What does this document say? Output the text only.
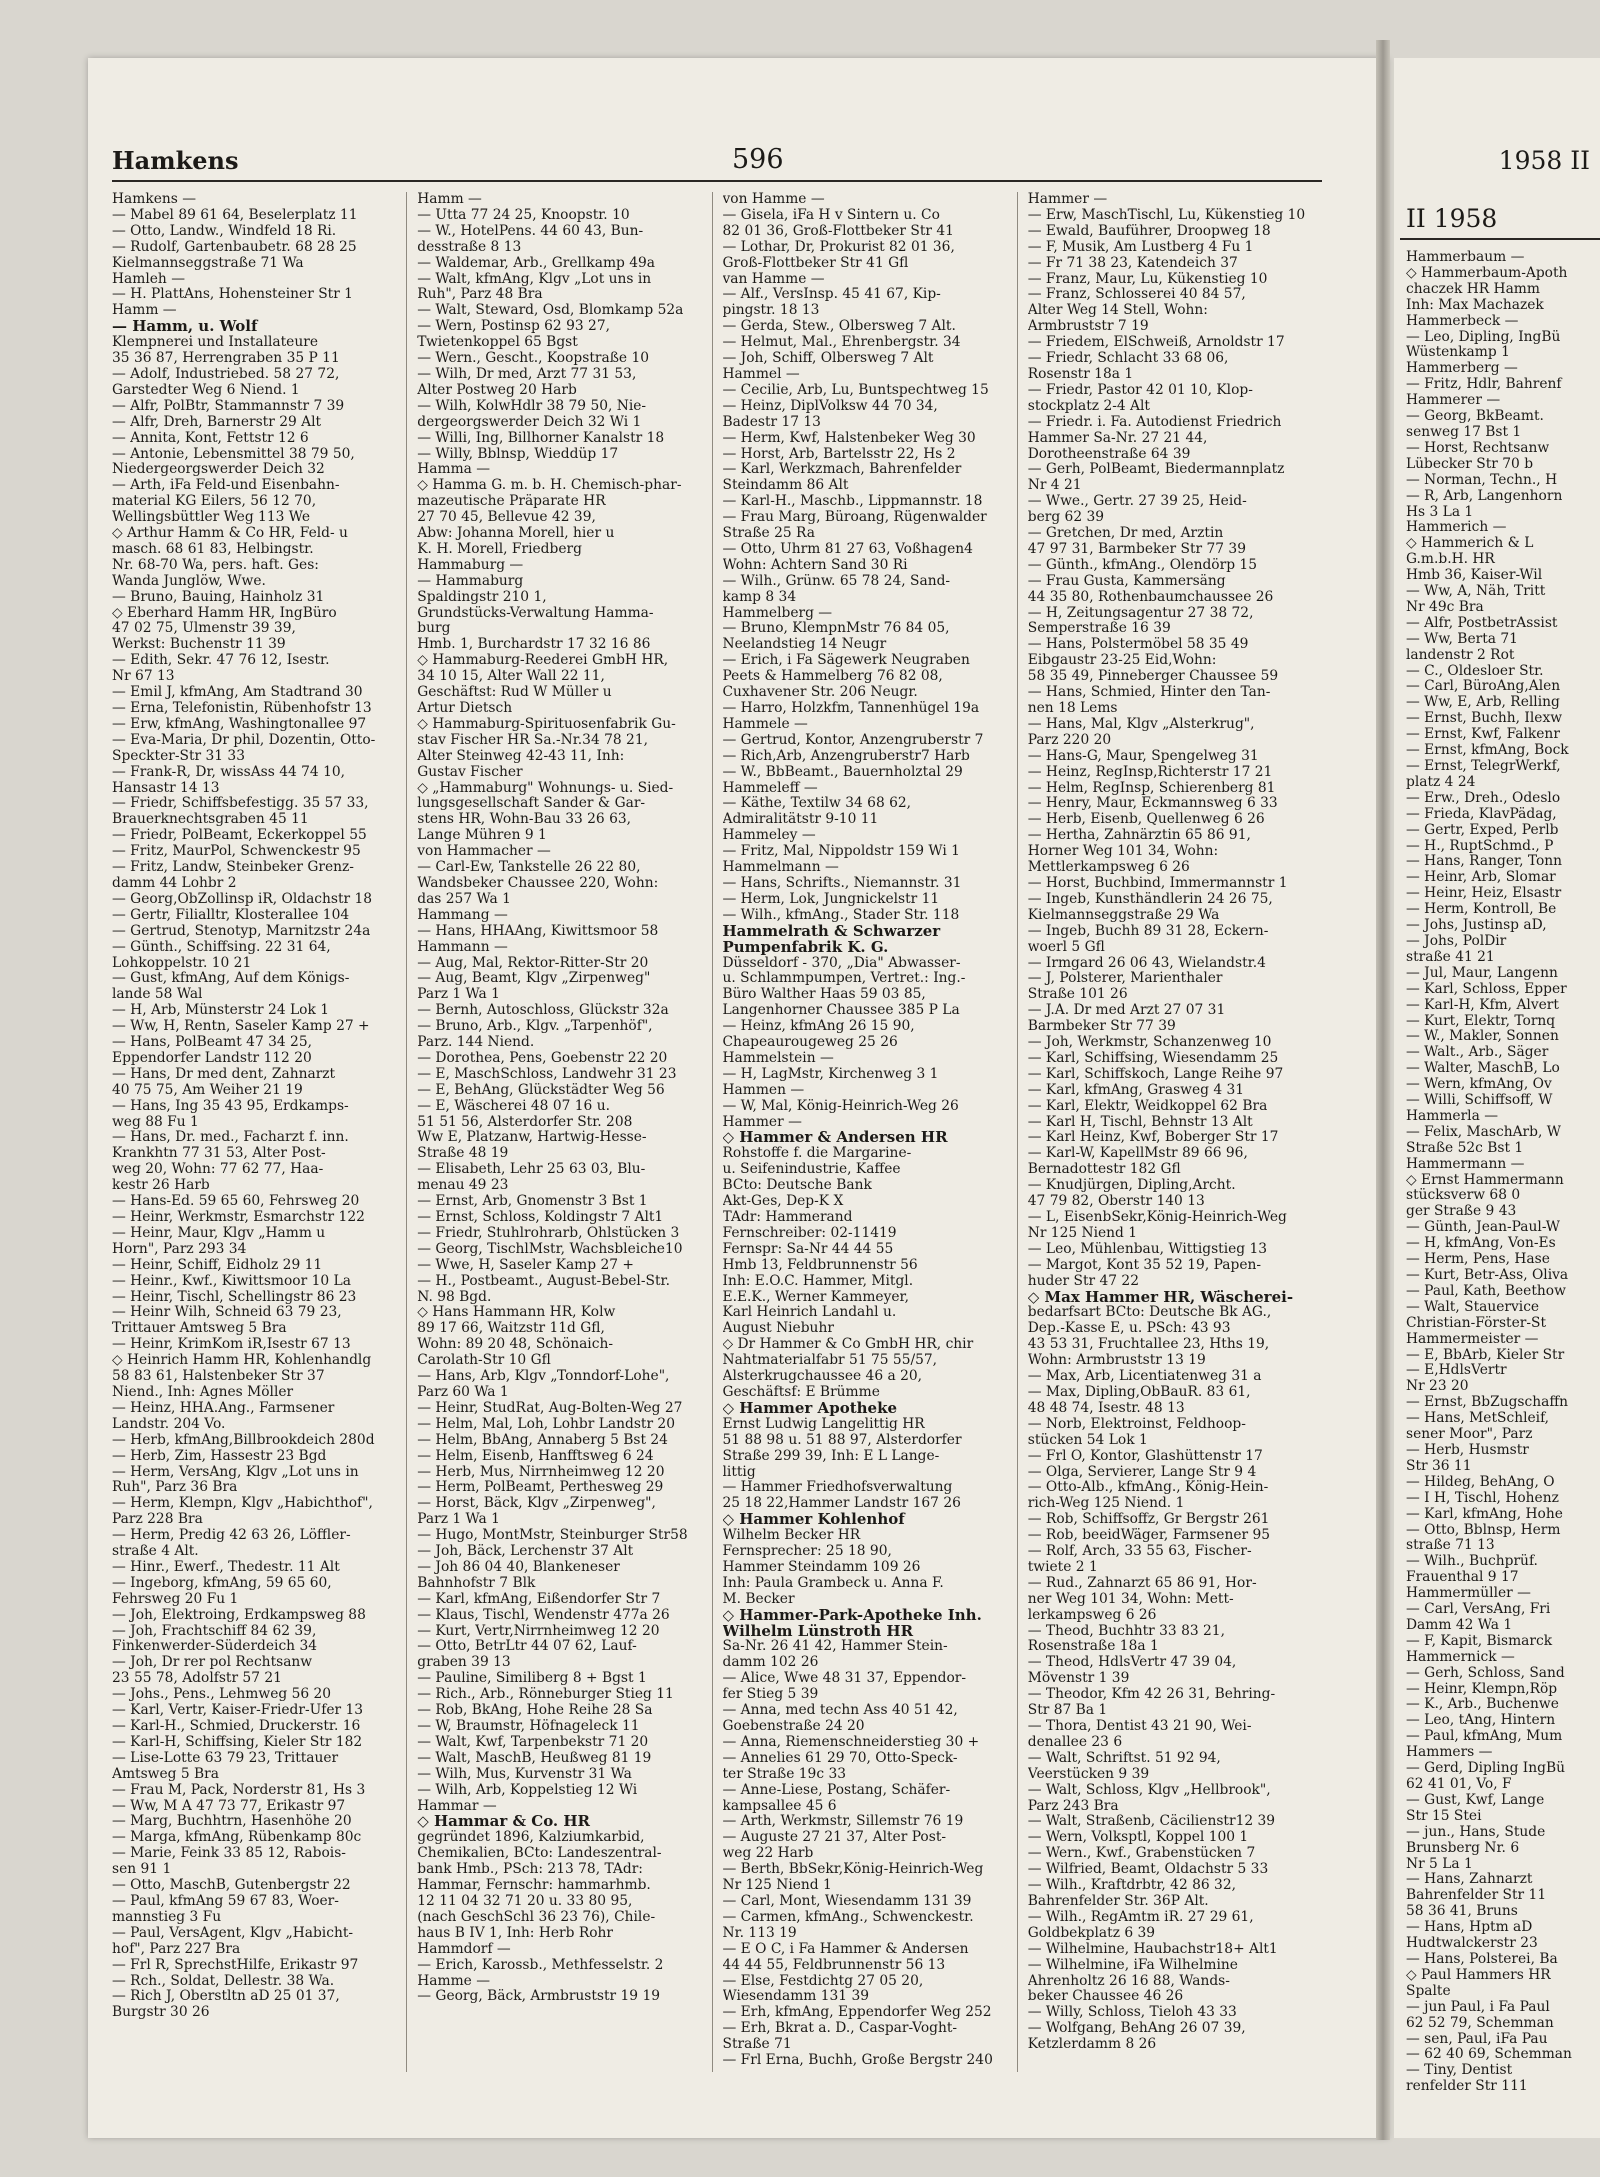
II 1958
Hammerbaum —
◇ Hammerbaum-Apoth
chaczek HR Hamm
Inh: Max Machazek
Hammerbeck —
— Leo, Dipling, IngBü
Wüstenkamp 1
Hammerberg —
— Fritz, Hdlr, Bahrenf
Hammerer —
— Georg, BkBeamt.
senweg 17 Bst 1
— Horst, Rechtsanw
Lübecker Str 70 b
— Norman, Techn., H
— R, Arb, Langenhorn
Hs 3 La 1
Hammerich —
◇ Hammerich & L
G.m.b.H. HR
Hmb 36, Kaiser-Wil
— Ww, A, Näh, Tritt
Nr 49c Bra
— Alfr, PostbetrAssist
— Ww, Berta 71
landenstr 2 Rot
— C., Oldesloer Str.
— Carl, BüroAng,Alen
— Ww, E, Arb, Relling
— Ernst, Buchh, Ilexw
— Ernst, Kwf, Falkenr
— Ernst, kfmAng, Bock
— Ernst, TelegrWerkf,
platz 4 24
— Erw., Dreh., Odeslo
— Frieda, KlavPädag,
— Gertr, Exped, Perlb
— H., RuptSchmd., P
— Hans, Ranger, Tonn
— Heinr, Arb, Slomar
— Heinr, Heiz, Elsastr
— Herm, Kontroll, Be
— Johs, Justinsp aD,
— Johs, PolDir
straße 41 21
— Jul, Maur, Langenn
— Karl, Schloss, Epper
— Karl-H, Kfm, Alvert
— Kurt, Elektr, Tornq
— W., Makler, Sonnen
— Walt., Arb., Säger
— Walter, MaschB, Lo
— Wern, kfmAng, Ov
— Willi, Schiffsoff, W
Hammerla —
— Felix, MaschArb, W
Straße 52c Bst 1
Hammermann —
◇ Ernst Hammermann
stücksverw 68 0
ger Straße 9 43
— Günth, Jean-Paul-W
— H, kfmAng, Von-Es
— Herm, Pens, Hase
— Kurt, Betr-Ass, Oliva
— Paul, Kath, Beethow
— Walt, Stauervice
Christian-Förster-St
Hammermeister —
— E, BbArb, Kieler Str
— E,HdlsVertr
Nr 23 20
— Ernst, BbZugschaffn
— Hans, MetSchleif,
sener Moor", Parz
— Herb, Husmstr
Str 36 11
— Hildeg, BehAng, O
— I H, Tischl, Hohenz
— Karl, kfmAng, Hohe
— Otto, Bblnsp, Herm
straße 71 13
— Wilh., Buchprüf.
Frauenthal 9 17
Hammermüller —
— Carl, VersAng, Fri
Damm 42 Wa 1
— F, Kapit, Bismarck
Hammernick —
— Gerh, Schloss, Sand
— Heinr, Klempn,Röp
— K., Arb., Buchenwe
— Leo, tAng, Hintern
— Paul, kfmAng, Mum
Hammers —
— Gerd, Dipling IngBü
62 41 01, Vo, F
— Gust, Kwf, Lange
Str 15 Stei
— jun., Hans, Stude
Brunsberg Nr. 6
Nr 5 La 1
— Hans, Zahnarzt
Bahrenfelder Str 11
58 36 41, Bruns
— Hans, Hptm aD
Hudtwalckerstr 23
— Hans, Polsterei, Ba
◇ Paul Hammers HR
Spalte
— jun Paul, i Fa Paul
62 52 79, Schemman
— sen, Paul, iFa Pau
— 62 40 69, Schemman
— Tiny, Dentist
renfelder Str 111
Hamkens	596	1958 II
Hamkens —
— Mabel 89 61 64, Beselerplatz 11
— Otto, Landw., Windfeld 18 Ri.
— Rudolf, Gartenbaubetr. 68 28 25
Kielmannseggstraße 71 Wa
Hamleh —
— H. PlattAns, Hohensteiner Str 1
Hamm —
— Hamm, u. Wolf
Klempnerei und Installateure
35 36 87, Herrengraben 35 P 11
— Adolf, Industriebed. 58 27 72,
Garstedter Weg 6 Niend. 1
— Alfr, PolBtr, Stammannstr 7 39
— Alfr, Dreh, Barnerstr 29 Alt
— Annita, Kont, Fettstr 12 6
— Antonie, Lebensmittel 38 79 50,
Niedergeorgswerder Deich 32
— Arth, iFa Feld-und Eisenbahn-
material KG Eilers, 56 12 70,
Wellingsbüttler Weg 113 We
◇ Arthur Hamm & Co HR, Feld- u
masch. 68 61 83, Helbingstr.
Nr. 68-70 Wa, pers. haft. Ges:
Wanda Junglöw, Wwe.
— Bruno, Bauing, Hainholz 31
◇ Eberhard Hamm HR, IngBüro
47 02 75, Ulmenstr 39 39,
Werkst: Buchenstr 11 39
— Edith, Sekr. 47 76 12, Isestr.
Nr 67 13
— Emil J, kfmAng, Am Stadtrand 30
— Erna, Telefonistin, Rübenhofstr 13
— Erw, kfmAng, Washingtonallee 97
— Eva-Maria, Dr phil, Dozentin, Otto-
Speckter-Str 31 33
— Frank-R, Dr, wissAss 44 74 10,
Hansastr 14 13
— Friedr, Schiffsbefestigg. 35 57 33,
Brauerknechtsgraben 45 11
— Friedr, PolBeamt, Eckerkoppel 55
— Fritz, MaurPol, Schwenckestr 95
— Fritz, Landw, Steinbeker Grenz-
damm 44 Lohbr 2
— Georg,ObZollinsp iR, Oldachstr 18
— Gertr, Filialltr, Klosterallee 104
— Gertrud, Stenotyp, Marnitzstr 24a
— Günth., Schiffsing. 22 31 64,
Lohkoppelstr. 10 21
— Gust, kfmAng, Auf dem Königs-
lande 58 Wal
— H, Arb, Münsterstr 24 Lok 1
— Ww, H, Rentn, Saseler Kamp 27 +
— Hans, PolBeamt 47 34 25,
Eppendorfer Landstr 112 20
— Hans, Dr med dent, Zahnarzt
40 75 75, Am Weiher 21 19
— Hans, Ing 35 43 95, Erdkamps-
weg 88 Fu 1
— Hans, Dr. med., Facharzt f. inn.
Krankhtn 77 31 53, Alter Post-
weg 20, Wohn: 77 62 77, Haa-
kestr 26 Harb
— Hans-Ed. 59 65 60, Fehrsweg 20
— Heinr, Werkmstr, Esmarchstr 122
— Heinr, Maur, Klgv „Hamm u
Horn", Parz 293 34
— Heinr, Schiff, Eidholz 29 11
— Heinr., Kwf., Kiwittsmoor 10 La
— Heinr, Tischl, Schellingstr 86 23
— Heinr Wilh, Schneid 63 79 23,
Trittauer Amtsweg 5 Bra
— Heinr, KrimKom iR,Isestr 67 13
◇ Heinrich Hamm HR, Kohlenhandlg
58 83 61, Halstenbeker Str 37
Niend., Inh: Agnes Möller
— Heinz, HHA.Ang., Farmsener
Landstr. 204 Vo.
— Herb, kfmAng,Billbrookdeich 280d
— Herb, Zim, Hassestr 23 Bgd
— Herm, VersAng, Klgv „Lot uns in
Ruh", Parz 36 Bra
— Herm, Klempn, Klgv „Habichthof",
Parz 228 Bra
— Herm, Predig 42 63 26, Löffler-
straße 4 Alt.
— Hinr., Ewerf., Thedestr. 11 Alt
— Ingeborg, kfmAng, 59 65 60,
Fehrsweg 20 Fu 1
— Joh, Elektroing, Erdkampsweg 88
— Joh, Frachtschiff 84 62 39,
Finkenwerder-Süderdeich 34
— Joh, Dr rer pol Rechtsanw
23 55 78, Adolfstr 57 21
— Johs., Pens., Lehmweg 56 20
— Karl, Vertr, Kaiser-Friedr-Ufer 13
— Karl-H., Schmied, Druckerstr. 16
— Karl-H, Schiffsing, Kieler Str 182
— Lise-Lotte 63 79 23, Trittauer
Amtsweg 5 Bra
— Frau M, Pack, Norderstr 81, Hs 3
— Ww, M A 47 73 77, Erikastr 97
— Marg, Buchhtrn, Hasenhöhe 20
— Marga, kfmAng, Rübenkamp 80c
— Marie, Feink 33 85 12, Rabois-
sen 91 1
— Otto, MaschB, Gutenbergstr 22
— Paul, kfmAng 59 67 83, Woer-
mannstieg 3 Fu
— Paul, VersAgent, Klgv „Habicht-
hof", Parz 227 Bra
— Frl R, SprechstHilfe, Erikastr 97
— Rch., Soldat, Dellestr. 38 Wa.
— Rich J, Oberstltn aD 25 01 37,
Burgstr 30 26
Hamm —
— Utta 77 24 25, Knoopstr. 10
— W., HotelPens. 44 60 43, Bun-
desstraße 8 13
— Waldemar, Arb., Grellkamp 49a
— Walt, kfmAng, Klgv „Lot uns in
Ruh", Parz 48 Bra
— Walt, Steward, Osd, Blomkamp 52a
— Wern, Postinsp 62 93 27,
Twietenkoppel 65 Bgst
— Wern., Gescht., Koopstraße 10
— Wilh, Dr med, Arzt 77 31 53,
Alter Postweg 20 Harb
— Wilh, KolwHdlr 38 79 50, Nie-
dergeorgswerder Deich 32 Wi 1
— Willi, Ing, Billhorner Kanalstr 18
— Willy, Bblnsp, Wieddüp 17
Hamma —
◇ Hamma G. m. b. H. Chemisch-phar-
mazeutische Präparate HR
27 70 45, Bellevue 42 39,
Abw: Johanna Morell, hier u
K. H. Morell, Friedberg
Hammaburg —
— Hammaburg
Spaldingstr 210 1,
Grundstücks-Verwaltung Hamma-
burg
Hmb. 1, Burchardstr 17 32 16 86
◇ Hammaburg-Reederei GmbH HR,
34 10 15, Alter Wall 22 11,
Geschäftst: Rud W Müller u
Artur Dietsch
◇ Hammaburg-Spirituosenfabrik Gu-
stav Fischer HR Sa.-Nr.34 78 21,
Alter Steinweg 42-43 11, Inh:
Gustav Fischer
◇ „Hammaburg" Wohnungs- u. Sied-
lungsgesellschaft Sander & Gar-
stens HR, Wohn-Bau 33 26 63,
Lange Mühren 9 1
von Hammacher —
— Carl-Ew, Tankstelle 26 22 80,
Wandsbeker Chaussee 220, Wohn:
das 257 Wa 1
Hammang —
— Hans, HHAAng, Kiwittsmoor 58
Hammann —
— Aug, Mal, Rektor-Ritter-Str 20
— Aug, Beamt, Klgv „Zirpenweg"
Parz 1 Wa 1
— Bernh, Autoschloss, Glückstr 32a
— Bruno, Arb., Klgv. „Tarpenhöf",
Parz. 144 Niend.
— Dorothea, Pens, Goebenstr 22 20
— E, MaschSchloss, Landwehr 31 23
— E, BehAng, Glückstädter Weg 56
— E, Wäscherei 48 07 16 u.
51 51 56, Alsterdorfer Str. 208
Ww E, Platzanw, Hartwig-Hesse-
Straße 48 19
— Elisabeth, Lehr 25 63 03, Blu-
menau 49 23
— Ernst, Arb, Gnomenstr 3 Bst 1
— Ernst, Schloss, Koldingstr 7 Alt1
— Friedr, Stuhlrohrarb, Ohlstücken 3
— Georg, TischlMstr, Wachsbleiche10
— Wwe, H, Saseler Kamp 27 +
— H., Postbeamt., August-Bebel-Str.
N. 98 Bgd.
◇ Hans Hammann HR, Kolw
89 17 66, Waitzstr 11d Gfl,
Wohn: 89 20 48, Schönaich-
Carolath-Str 10 Gfl
— Hans, Arb, Klgv „Tonndorf-Lohe",
Parz 60 Wa 1
— Heinr, StudRat, Aug-Bolten-Weg 27
— Helm, Mal, Loh, Lohbr Landstr 20
— Helm, BbAng, Annaberg 5 Bst 24
— Helm, Eisenb, Hanfftsweg 6 24
— Herb, Mus, Nirrnheimweg 12 20
— Herm, PolBeamt, Perthesweg 29
— Horst, Bäck, Klgv „Zirpenweg",
Parz 1 Wa 1
— Hugo, MontMstr, Steinburger Str58
— Joh, Bäck, Lerchenstr 37 Alt
— Joh 86 04 40, Blankeneser
Bahnhofstr 7 Blk
— Karl, kfmAng, Eißendorfer Str 7
— Klaus, Tischl, Wendenstr 477a 26
— Kurt, Vertr,Nirrnheimweg 12 20
— Otto, BetrLtr 44 07 62, Lauf-
graben 39 13
— Pauline, Similiberg 8 + Bgst 1
— Rich., Arb., Rönneburger Stieg 11
— Rob, BkAng, Hohe Reihe 28 Sa
— W, Braumstr, Höfnageleck 11
— Walt, Kwf, Tarpenbekstr 71 20
— Walt, MaschB, Heußweg 81 19
— Wilh, Mus, Kurvenstr 31 Wa
— Wilh, Arb, Koppelstieg 12 Wi
Hammar —
◇ Hammar & Co. HR
gegründet 1896, Kalziumkarbid,
Chemikalien, BCto: Landeszentral-
bank Hmb., PSch: 213 78, TAdr:
Hammar, Fernschr: hammarhmb.
12 11 04 32 71 20 u. 33 80 95,
(nach GeschSchl 36 23 76), Chile-
haus B IV 1, Inh: Herb Rohr
Hammdorf —
— Erich, Karossb., Methfesselstr. 2
Hamme —
— Georg, Bäck, Armbruststr 19 19
von Hamme —
— Gisela, iFa H v Sintern u. Co
82 01 36, Groß-Flottbeker Str 41
— Lothar, Dr, Prokurist 82 01 36,
Groß-Flottbeker Str 41 Gfl
van Hamme —
— Alf., VersInsp. 45 41 67, Kip-
pingstr. 18 13
— Gerda, Stew., Olbersweg 7 Alt.
— Helmut, Mal., Ehrenbergstr. 34
— Joh, Schiff, Olbersweg 7 Alt
Hammel —
— Cecilie, Arb, Lu, Buntspechtweg 15
— Heinz, DiplVolksw 44 70 34,
Badestr 17 13
— Herm, Kwf, Halstenbeker Weg 30
— Horst, Arb, Bartelsstr 22, Hs 2
— Karl, Werkzmach, Bahrenfelder
Steindamm 86 Alt
— Karl-H., Maschb., Lippmannstr. 18
— Frau Marg, Büroang, Rügenwalder
Straße 25 Ra
— Otto, Uhrm 81 27 63, Voßhagen4
Wohn: Achtern Sand 30 Ri
— Wilh., Grünw. 65 78 24, Sand-
kamp 8 34
Hammelberg —
— Bruno, KlempnMstr 76 84 05,
Neelandstieg 14 Neugr
— Erich, i Fa Sägewerk Neugraben
Peets & Hammelberg 76 82 08,
Cuxhavener Str. 206 Neugr.
— Harro, Holzkfm, Tannenhügel 19a
Hammele —
— Gertrud, Kontor, Anzengruberstr 7
— Rich,Arb, Anzengruberstr7 Harb
— W., BbBeamt., Bauernholztal 29
Hammeleff —
— Käthe, Textilw 34 68 62,
Admiralitätstr 9-10 11
Hammeley —
— Fritz, Mal, Nippoldstr 159 Wi 1
Hammelmann —
— Hans, Schrifts., Niemannstr. 31
— Herm, Lok, Jungnickelstr 11
— Wilh., kfmAng., Stader Str. 118
Hammelrath & Schwarzer
Pumpenfabrik K. G.
Düsseldorf - 370, „Dia" Abwasser-
u. Schlammpumpen, Vertret.: Ing.-
Büro Walther Haas 59 03 85,
Langenhorner Chaussee 385 P La
— Heinz, kfmAng 26 15 90,
Chapeaurougeweg 25 26
Hammelstein —
— H, LagMstr, Kirchenweg 3 1
Hammen —
— W, Mal, König-Heinrich-Weg 26
Hammer —
◇ Hammer & Andersen HR
Rohstoffe f. die Margarine-
u. Seifenindustrie, Kaffee
BCto: Deutsche Bank
Akt-Ges, Dep-K X
TAdr: Hammerand
Fernschreiber: 02-11419
Fernspr: Sa-Nr 44 44 55
Hmb 13, Feldbrunnenstr 56
Inh: E.O.C. Hammer, Mitgl.
E.E.K., Werner Kammeyer,
Karl Heinrich Landahl u.
August Niebuhr
◇ Dr Hammer & Co GmbH HR, chir
Nahtmaterialfabr 51 75 55/57,
Alsterkrugchaussee 46 a 20,
Geschäftsf: E Brümme
◇ Hammer Apotheke
Ernst Ludwig Langelittig HR
51 88 98 u. 51 88 97, Alsterdorfer
Straße 299 39, Inh: E L Lange-
littig
— Hammer Friedhofsverwaltung
25 18 22,Hammer Landstr 167 26
◇ Hammer Kohlenhof
Wilhelm Becker HR
Fernsprecher: 25 18 90,
Hammer Steindamm 109 26
Inh: Paula Grambeck u. Anna F.
M. Becker
◇ Hammer-Park-Apotheke Inh.
Wilhelm Lünstroth HR
Sa-Nr. 26 41 42, Hammer Stein-
damm 102 26
— Alice, Wwe 48 31 37, Eppendor-
fer Stieg 5 39
— Anna, med techn Ass 40 51 42,
Goebenstraße 24 20
— Anna, Riemenschneiderstieg 30 +
— Annelies 61 29 70, Otto-Speck-
ter Straße 19c 33
— Anne-Liese, Postang, Schäfer-
kampsallee 45 6
— Arth, Werkmstr, Sillemstr 76 19
— Auguste 27 21 37, Alter Post-
weg 22 Harb
— Berth, BbSekr,König-Heinrich-Weg
Nr 125 Niend 1
— Carl, Mont, Wiesendamm 131 39
— Carmen, kfmAng., Schwenckestr.
Nr. 113 19
— E O C, i Fa Hammer & Andersen
44 44 55, Feldbrunnenstr 56 13
— Else, Festdichtg 27 05 20,
Wiesendamm 131 39
— Erh, kfmAng, Eppendorfer Weg 252
— Erh, Bkrat a. D., Caspar-Voght-
Straße 71
— Frl Erna, Buchh, Große Bergstr 240
Hammer —
— Erw, MaschTischl, Lu, Kükenstieg 10
— Ewald, Bauführer, Droopweg 18
— F, Musik, Am Lustberg 4 Fu 1
— Fr 71 38 23, Katendeich 37
— Franz, Maur, Lu, Kükenstieg 10
— Franz, Schlosserei 40 84 57,
Alter Weg 14 Stell, Wohn:
Armbruststr 7 19
— Friedem, ElSchweiß, Arnoldstr 17
— Friedr, Schlacht 33 68 06,
Rosenstr 18a 1
— Friedr, Pastor 42 01 10, Klop-
stockplatz 2-4 Alt
— Friedr. i. Fa. Autodienst Friedrich
Hammer Sa-Nr. 27 21 44,
Dorotheenstraße 64 39
— Gerh, PolBeamt, Biedermannplatz
Nr 4 21
— Wwe., Gertr. 27 39 25, Heid-
berg 62 39
— Gretchen, Dr med, Ärztin
47 97 31, Barmbeker Str 77 39
— Günth., kfmAng., Olendörp 15
— Frau Gusta, Kammersäng
44 35 80, Rothenbaumchaussee 26
— H, Zeitungsagentur 27 38 72,
Semperstraße 16 39
— Hans, Polstermöbel 58 35 49
Eibgaustr 23-25 Eid,Wohn:
58 35 49, Pinneberger Chaussee 59
— Hans, Schmied, Hinter den Tan-
nen 18 Lems
— Hans, Mal, Klgv „Alsterkrug",
Parz 220 20
— Hans-G, Maur, Spengelweg 31
— Heinz, RegInsp,Richterstr 17 21
— Helm, RegInsp, Schierenberg 81
— Henry, Maur, Eckmannsweg 6 33
— Herb, Eisenb, Quellenweg 6 26
— Hertha, Zahnärztin 65 86 91,
Horner Weg 101 34, Wohn:
Mettlerkampsweg 6 26
— Horst, Buchbind, Immermannstr 1
— Ingeb, Kunsthändlerin 24 26 75,
Kielmannseggstraße 29 Wa
— Ingeb, Buchh 89 31 28, Eckern-
woerl 5 Gfl
— Irmgard 26 06 43, Wielandstr.4
— J, Polsterer, Marienthaler
Straße 101 26
— J.A. Dr med Arzt 27 07 31
Barmbeker Str 77 39
— Joh, Werkmstr, Schanzenweg 10
— Karl, Schiffsing, Wiesendamm 25
— Karl, Schiffskoch, Lange Reihe 97
— Karl, kfmAng, Grasweg 4 31
— Karl, Elektr, Weidkoppel 62 Bra
— Karl H, Tischl, Behnstr 13 Alt
— Karl Heinz, Kwf, Boberger Str 17
— Karl-W, KapellMstr 89 66 96,
Bernadottestr 182 Gfl
— Knudjürgen, Dipling,Archt.
47 79 82, Oberstr 140 13
— L, EisenbSekr,König-Heinrich-Weg
Nr 125 Niend 1
— Leo, Mühlenbau, Wittigstieg 13
— Margot, Kont 35 52 19, Papen-
huder Str 47 22
◇ Max Hammer HR, Wäscherei-
bedarfsart BCto: Deutsche Bk AG.,
Dep.-Kasse E, u. PSch: 43 93
43 53 31, Fruchtallee 23, Hths 19,
Wohn: Armbruststr 13 19
— Max, Arb, Licentiatenweg 31 a
— Max, Dipling,ObBauR. 83 61,
48 48 74, Isestr. 48 13
— Norb, Elektroinst, Feldhoop-
stücken 54 Lok 1
— Frl O, Kontor, Glashüttenstr 17
— Olga, Servierer, Lange Str 9 4
— Otto-Alb., kfmAng., König-Hein-
rich-Weg 125 Niend. 1
— Rob, Schiffsoffz, Gr Bergstr 261
— Rob, beeidWäger, Farmsener 95
— Rolf, Arch, 33 55 63, Fischer-
twiete 2 1
— Rud., Zahnarzt 65 86 91, Hor-
ner Weg 101 34, Wohn: Mett-
lerkampsweg 6 26
— Theod, Buchhtr 33 83 21,
Rosenstraße 18a 1
— Theod, HdlsVertr 47 39 04,
Mövenstr 1 39
— Theodor, Kfm 42 26 31, Behring-
Str 87 Ba 1
— Thora, Dentist 43 21 90, Wei-
denallee 23 6
— Walt, Schriftst. 51 92 94,
Veerstücken 9 39
— Walt, Schloss, Klgv „Hellbrook",
Parz 243 Bra
— Walt, Straßenb, Cäcilienstr12 39
— Wern, Volksptl, Koppel 100 1
— Wern., Kwf., Grabenstücken 7
— Wilfried, Beamt, Oldachstr 5 33
— Wilh., Kraftdrbtr, 42 86 32,
Bahrenfelder Str. 36P Alt.
— Wilh., RegAmtm iR. 27 29 61,
Goldbekplatz 6 39
— Wilhelmine, Haubachstr18+ Alt1
— Wilhelmine, iFa Wilhelmine
Ahrenholtz 26 16 88, Wands-
beker Chaussee 46 26
— Willy, Schloss, Tieloh 43 33
— Wolfgang, BehAng 26 07 39,
Ketzlerdamm 8 26
